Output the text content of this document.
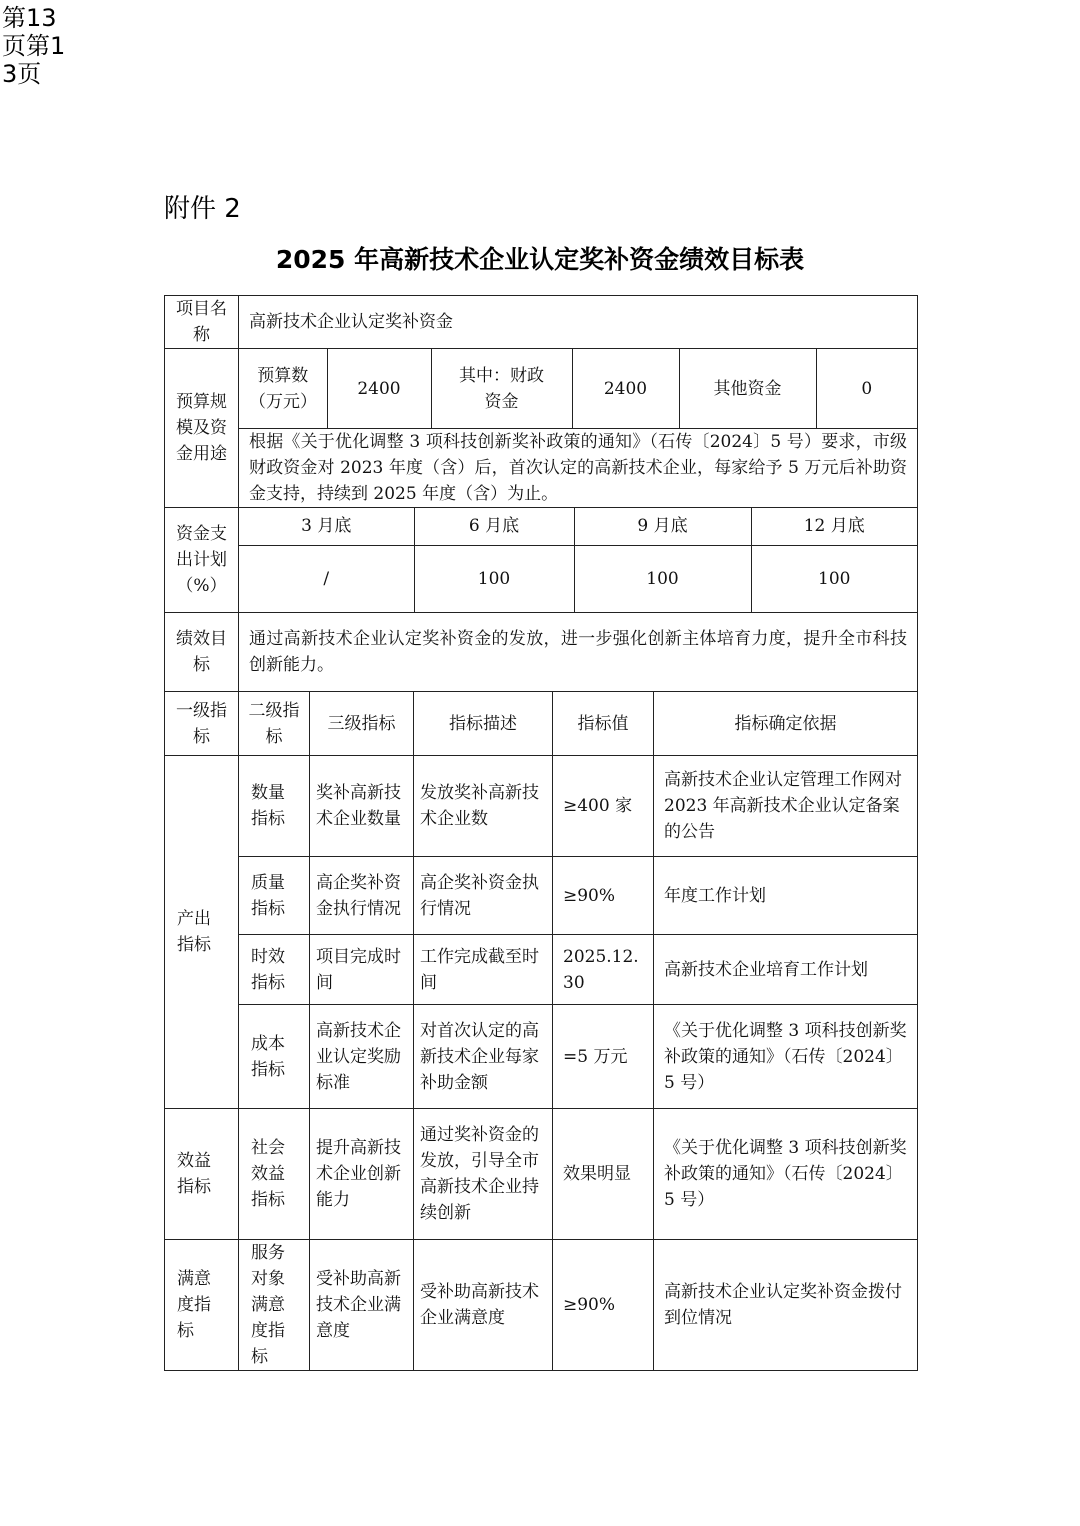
第13页第13页
附件 2
2025 年高新技术企业认定奖补资金绩效目标表
项目名称	高新技术企业认定奖补资金
预算规模及资金用途	
预算数（万元）	2400	其中：财政资金	2400	其他资金	0

根据《关于优化调整 3 项科技创新奖补政策的通知》（石传〔2024〕5 号）要求，市级财政资金对 2023 年度（含）后，首次认定的高新技术企业，每家给予 5 万元后补助资金支持，持续到 2025 年度（含）为止。
资金支出计划（%）	
3 月底	6 月底	9 月底	12 月底
/	100	100	100

绩效目标	通过高新技术企业认定奖补资金的发放，进一步强化创新主体培育力度，提升全市科技创新能力。
一级指标	二级指标	三级指标	指标描述	指标值	指标确定依据
产出指标	数量指标	奖补高新技术企业数量	发放奖补高新技术企业数	≥400 家	高新技术企业认定管理工作网对 2023 年高新技术企业认定备案的公告
质量指标	高企奖补资金执行情况	高企奖补资金执行情况	≥90%	年度工作计划
时效指标	项目完成时间	工作完成截至时间	2025.12.30	高新技术企业培育工作计划
成本指标	高新技术企业认定奖励标准	对首次认定的高新技术企业每家补助金额	=5 万元	《关于优化调整 3 项科技创新奖补政策的通知》（石传〔2024〕5 号）
效益指标	社会效益指标	提升高新技术企业创新能力	通过奖补资金的发放，引导全市高新技术企业持续创新	效果明显	《关于优化调整 3 项科技创新奖补政策的通知》（石传〔2024〕5 号）
满意度指标	服务对象满意度指标	受补助高新技术企业满意度	受补助高新技术企业满意度	≥90%	高新技术企业认定奖补资金拨付到位情况
